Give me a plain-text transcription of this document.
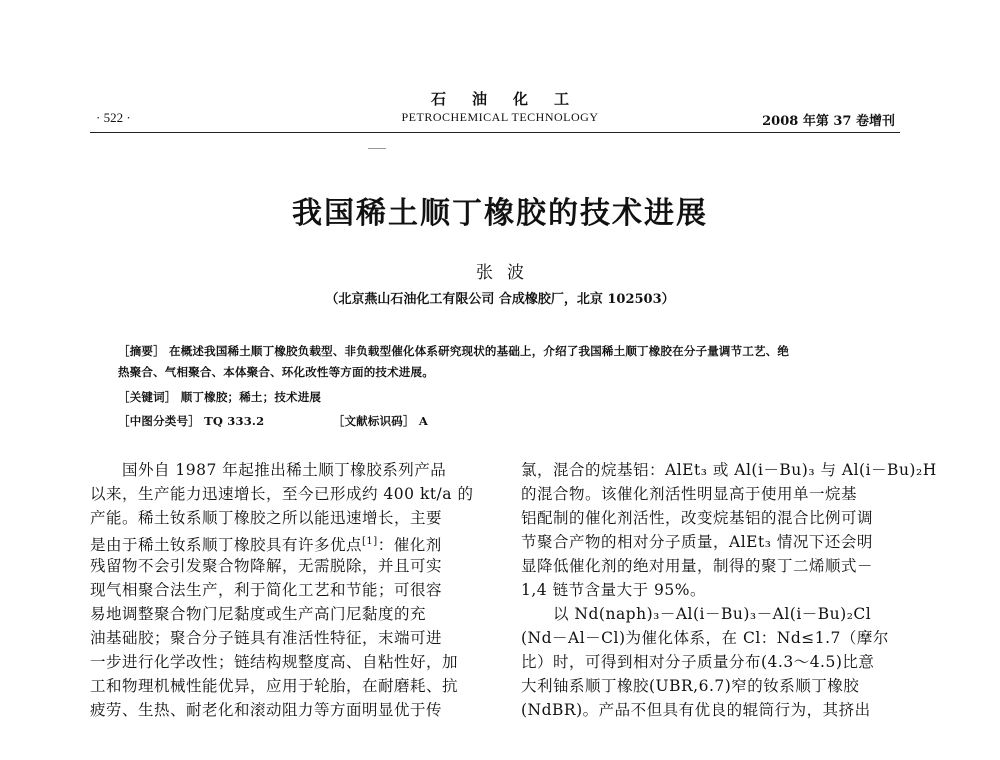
石油化工
· 522 ·	PETROCHEMICAL TECHNOLOGY	2008 年第 37 卷增刊
我国稀土顺丁橡胶的技术进展
张波
（北京燕山石油化工有限公司 合成橡胶厂，北京 102503）
［摘要］ 在概述我国稀土顺丁橡胶负载型、非负载型催化体系研究现状的基础上，介绍了我国稀土顺丁橡胶在分子量调节工艺、绝
热聚合、气相聚合、本体聚合、环化改性等方面的技术进展。
［关键词］ 顺丁橡胶；稀土；技术进展
［中图分类号］ TQ 333.2	［文献标识码］ A
国外自 1987 年起推出稀土顺丁橡胶系列产品
以来，生产能力迅速增长，至今已形成约 400 kt/a 的
产能。稀土钕系顺丁橡胶之所以能迅速增长，主要
是由于稀土钕系顺丁橡胶具有许多优点[1]：催化剂
残留物不会引发聚合物降解，无需脱除，并且可实
现气相聚合法生产，利于简化工艺和节能；可很容
易地调整聚合物门尼黏度或生产高门尼黏度的充
油基础胶；聚合分子链具有准活性特征，末端可进
一步进行化学改性；链结构规整度高、自粘性好，加
工和物理机械性能优异，应用于轮胎，在耐磨耗、抗
疲劳、生热、耐老化和滚动阻力等方面明显优于传
氯，混合的烷基铝：AlEt₃ 或 Al(i－Bu)₃ 与 Al(i－Bu)₂H
的混合物。该催化剂活性明显高于使用单一烷基
铝配制的催化剂活性，改变烷基铝的混合比例可调
节聚合产物的相对分子质量，AlEt₃ 情况下还会明
显降低催化剂的绝对用量，制得的聚丁二烯顺式－
1,4 链节含量大于 95%。
以 Nd(naph)₃－Al(i－Bu)₃－Al(i－Bu)₂Cl
(Nd－Al－Cl)为催化体系，在 Cl：Nd≤1.7（摩尔
比）时，可得到相对分子质量分布(4.3～4.5)比意
大利铀系顺丁橡胶(UBR,6.7)窄的钕系顺丁橡胶
(NdBR)。产品不但具有优良的辊筒行为，其挤出
